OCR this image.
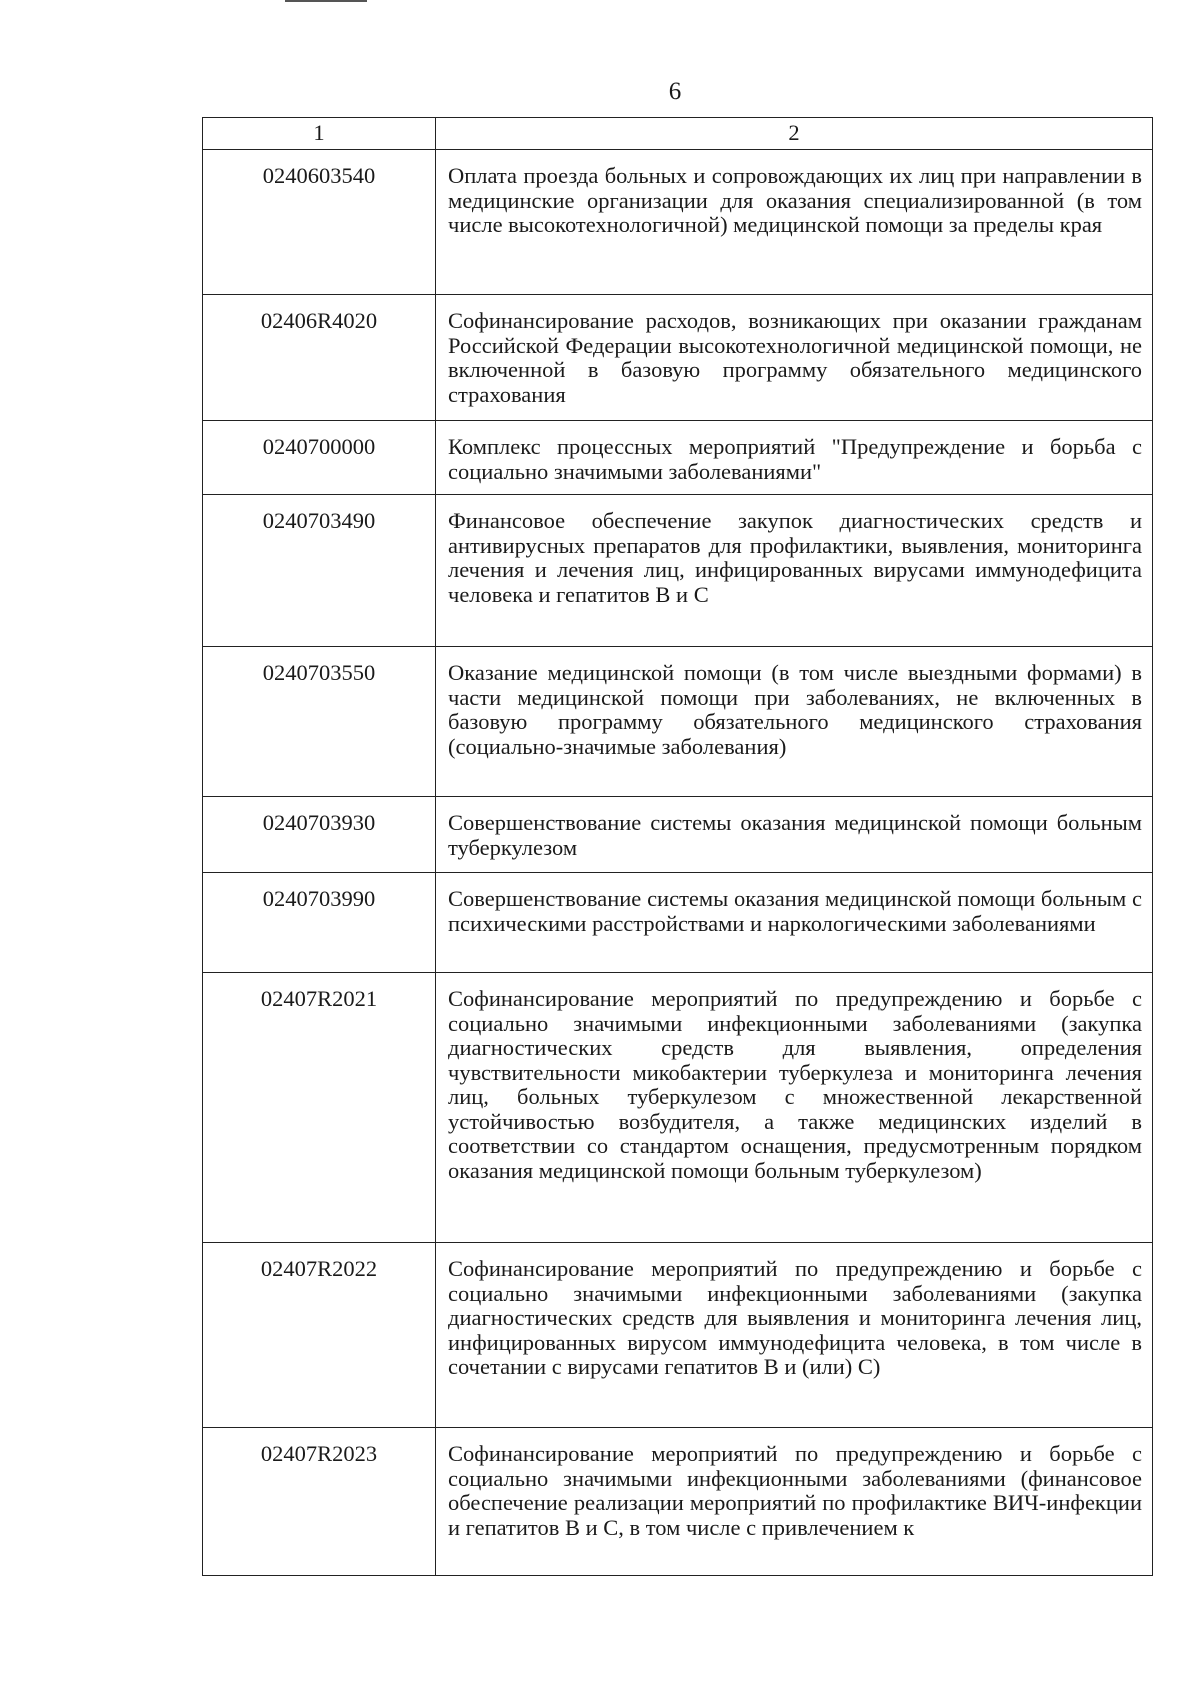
6
1	2
0240603540	Оплата проезда больных и сопровождающих их лиц при направлении в медицинские организации для оказания специализированной (в том числе высокотехнологичной) медицинской помощи за пределы края
02406R4020	Софинансирование расходов, возникающих при оказании гражданам Российской Федерации высокотехнологичной медицинской помощи, не включенной в базовую программу обязательного медицинского страхования
0240700000	Комплекс процессных мероприятий "Предупреждение и борьба с социально значимыми заболеваниями"
0240703490	Финансовое обеспечение закупок диагностических средств и антивирусных препаратов для профилактики, выявления, мониторинга лечения и лечения лиц, инфицированных вирусами иммунодефицита человека и гепатитов В и С
0240703550	Оказание медицинской помощи (в том числе выездными формами) в части медицинской помощи при заболеваниях, не включенных в базовую программу обязательного медицинского страхования (социально-значимые заболевания)
0240703930	Совершенствование системы оказания медицинской помощи больным туберкулезом
0240703990	Совершенствование системы оказания медицинской помощи больным с психическими расстройствами и наркологическими заболеваниями
02407R2021	Софинансирование мероприятий по предупреждению и борьбе с социально значимыми инфекционными заболеваниями (закупка диагностических средств для выявления, определения чувствительности микобактерии туберкулеза и мониторинга лечения лиц, больных туберкулезом с множественной лекарственной устойчивостью возбудителя, а также медицинских изделий в соответствии со стандартом оснащения, предусмотренным порядком оказания медицинской помощи больным туберкулезом)
02407R2022	Софинансирование мероприятий по предупреждению и борьбе с социально значимыми инфекционными заболеваниями (закупка диагностических средств для выявления и мониторинга лечения лиц, инфицированных вирусом иммунодефицита человека, в том числе в сочетании с вирусами гепатитов В и (или) С)
02407R2023	Софинансирование мероприятий по предупреждению и борьбе с социально значимыми инфекционными заболеваниями (финансовое обеспечение реализации мероприятий по профилактике ВИЧ-инфекции и гепатитов В и С, в том числе с привлечением к
